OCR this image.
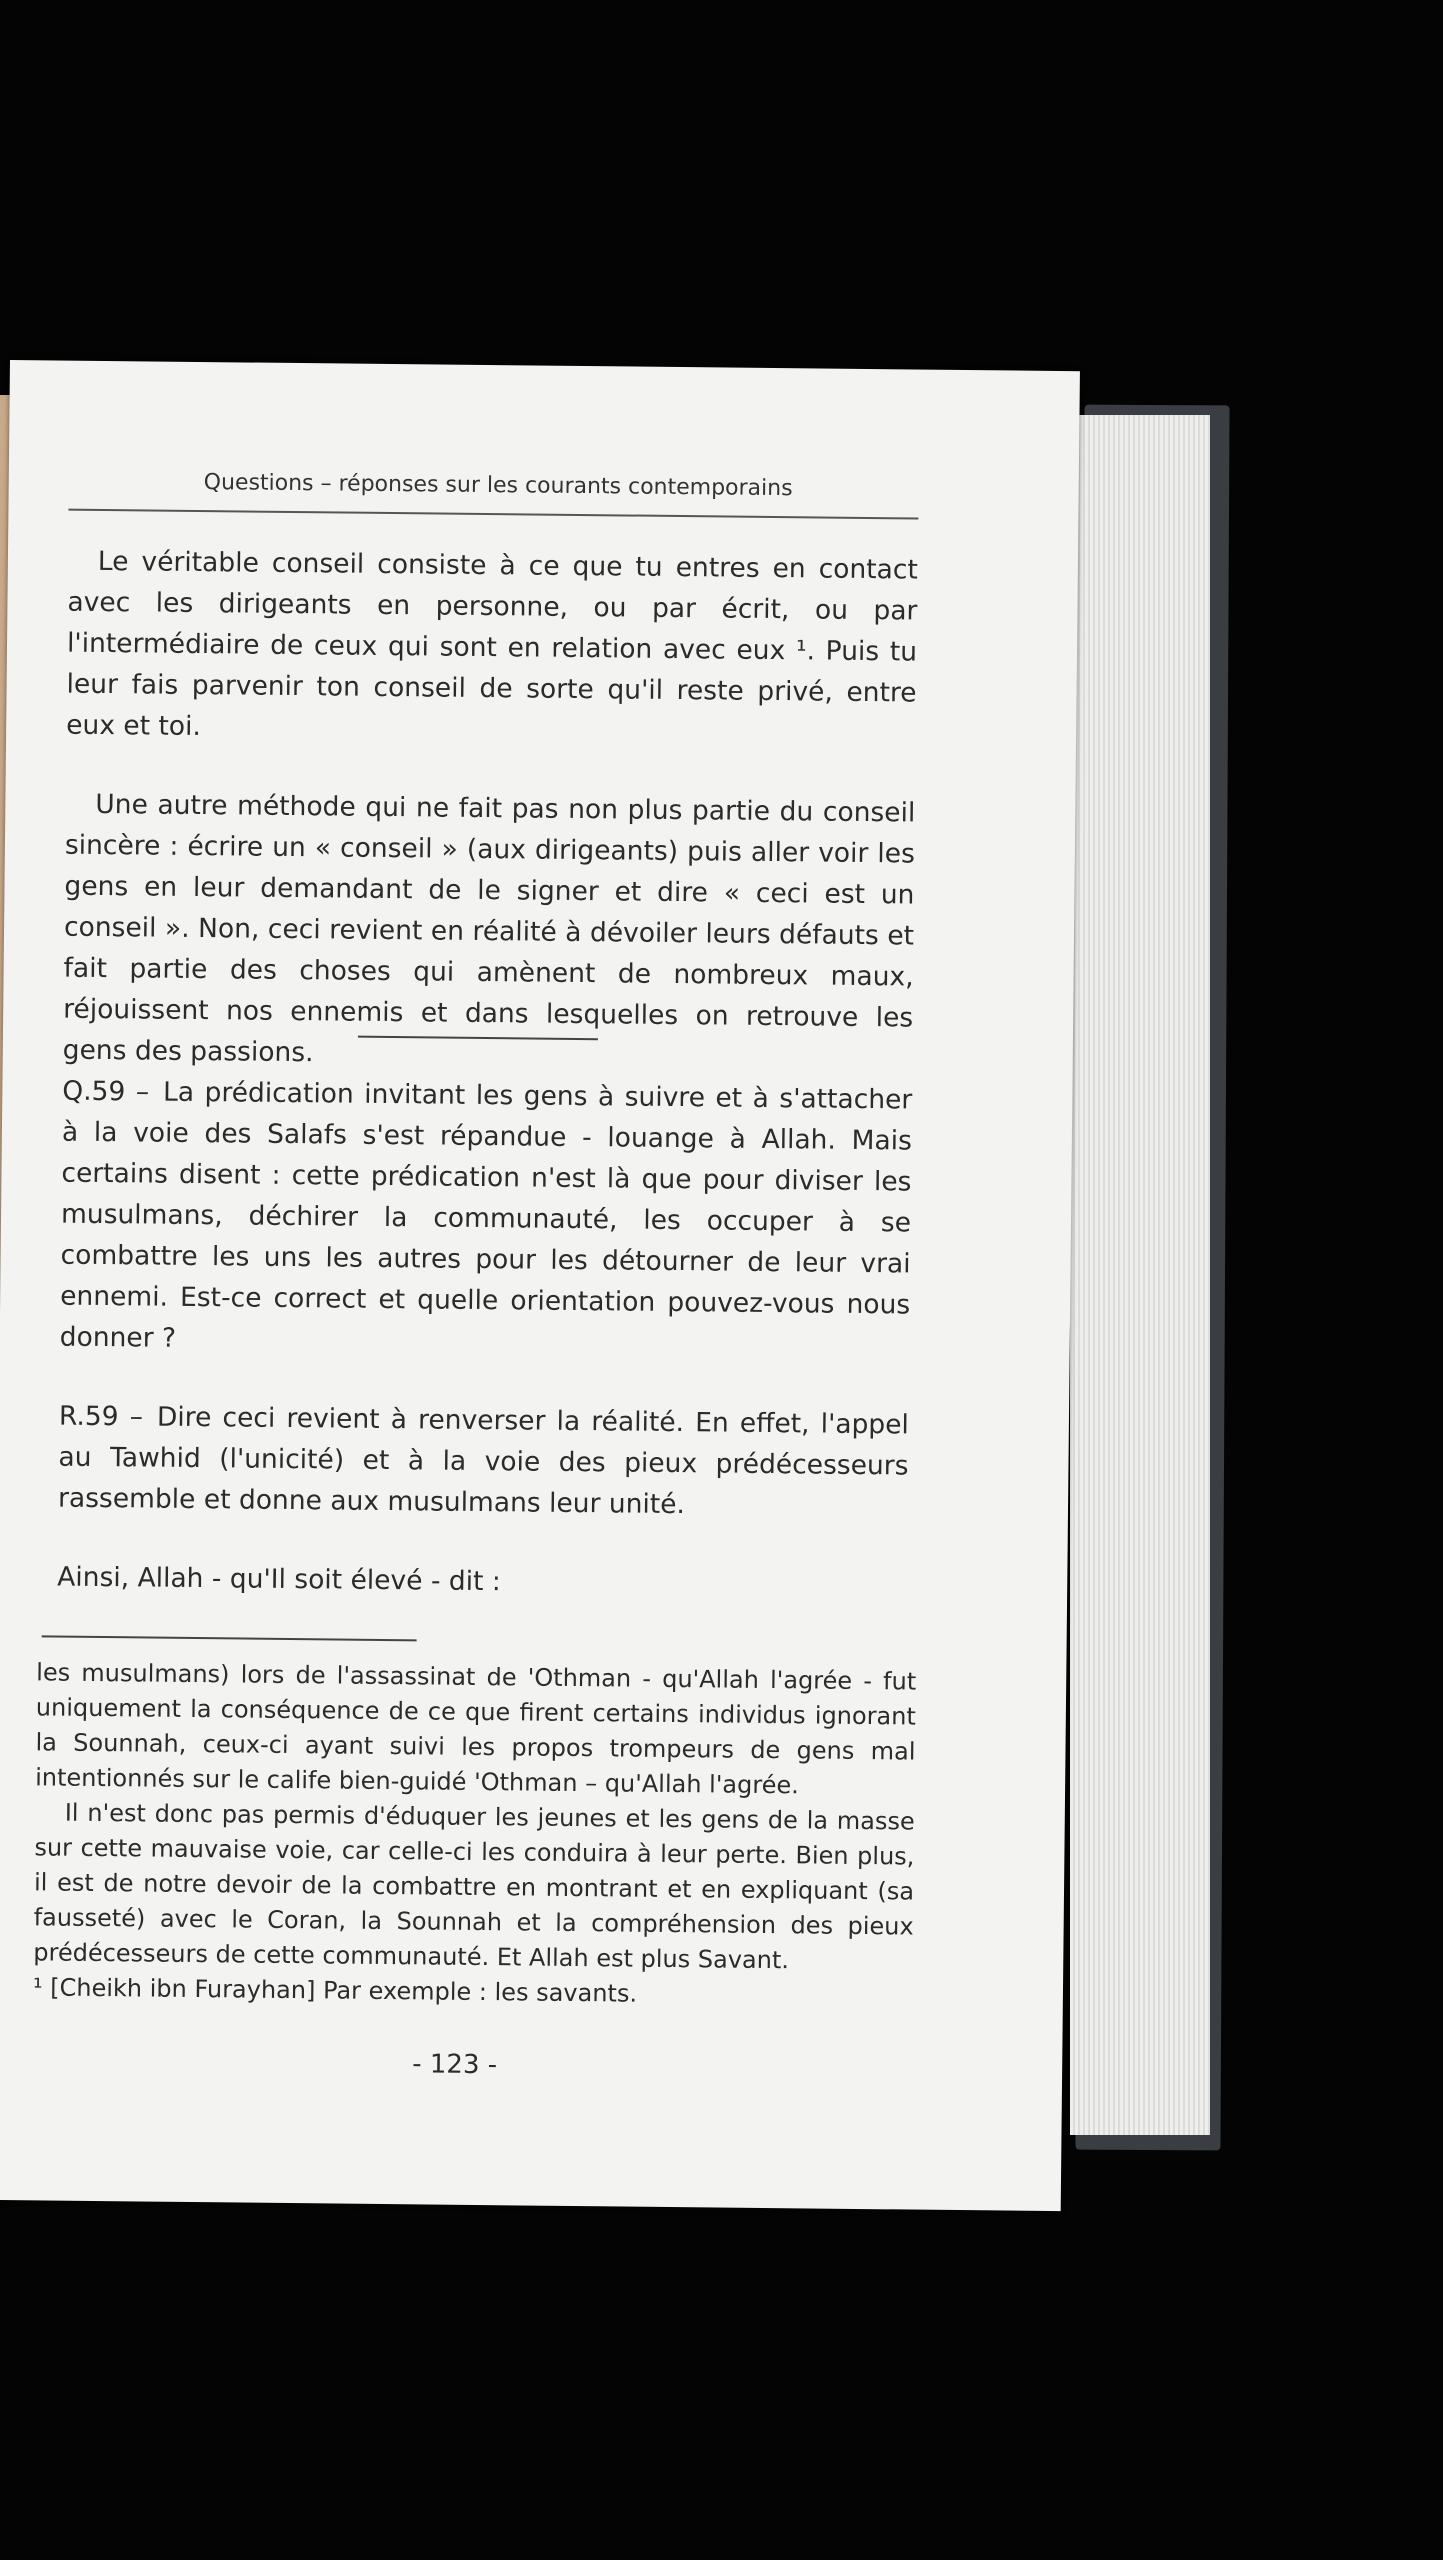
Questions – réponses sur les courants contemporains

Le véritable conseil consiste à ce que tu entres en contact avec les dirigeants en personne, ou par écrit, ou par l'intermédiaire de ceux qui sont en relation avec eux ¹. Puis tu leur fais parvenir ton conseil de sorte qu'il reste privé, entre eux et toi.

Une autre méthode qui ne fait pas non plus partie du conseil sincère : écrire un « conseil » (aux dirigeants) puis aller voir les gens en leur demandant de le signer et dire « ceci est un conseil ». Non, ceci revient en réalité à dévoiler leurs défauts et fait partie des choses qui amènent de nombreux maux, réjouissent nos ennemis et dans lesquelles on retrouve les gens des passions.

Q.59 – La prédication invitant les gens à suivre et à s'attacher à la voie des Salafs s'est répandue - louange à Allah. Mais certains disent : cette prédication n'est là que pour diviser les musulmans, déchirer la communauté, les occuper à se combattre les uns les autres pour les détourner de leur vrai ennemi. Est-ce correct et quelle orientation pouvez-vous nous donner ?

R.59 – Dire ceci revient à renverser la réalité. En effet, l'appel au Tawhid (l'unicité) et à la voie des pieux prédécesseurs rassemble et donne aux musulmans leur unité.

Ainsi, Allah - qu'Il soit élevé - dit :

les musulmans) lors de l'assassinat de 'Othman - qu'Allah l'agrée - fut uniquement la conséquence de ce que firent certains individus ignorant la Sounnah, ceux-ci ayant suivi les propos trompeurs de gens mal intentionnés sur le calife bien-guidé 'Othman – qu'Allah l'agrée.

Il n'est donc pas permis d'éduquer les jeunes et les gens de la masse sur cette mauvaise voie, car celle-ci les conduira à leur perte. Bien plus, il est de notre devoir de la combattre en montrant et en expliquant (sa fausseté) avec le Coran, la Sounnah et la compréhension des pieux prédécesseurs de cette communauté. Et Allah est plus Savant.

¹ [Cheikh ibn Furayhan] Par exemple : les savants.

- 123 -
